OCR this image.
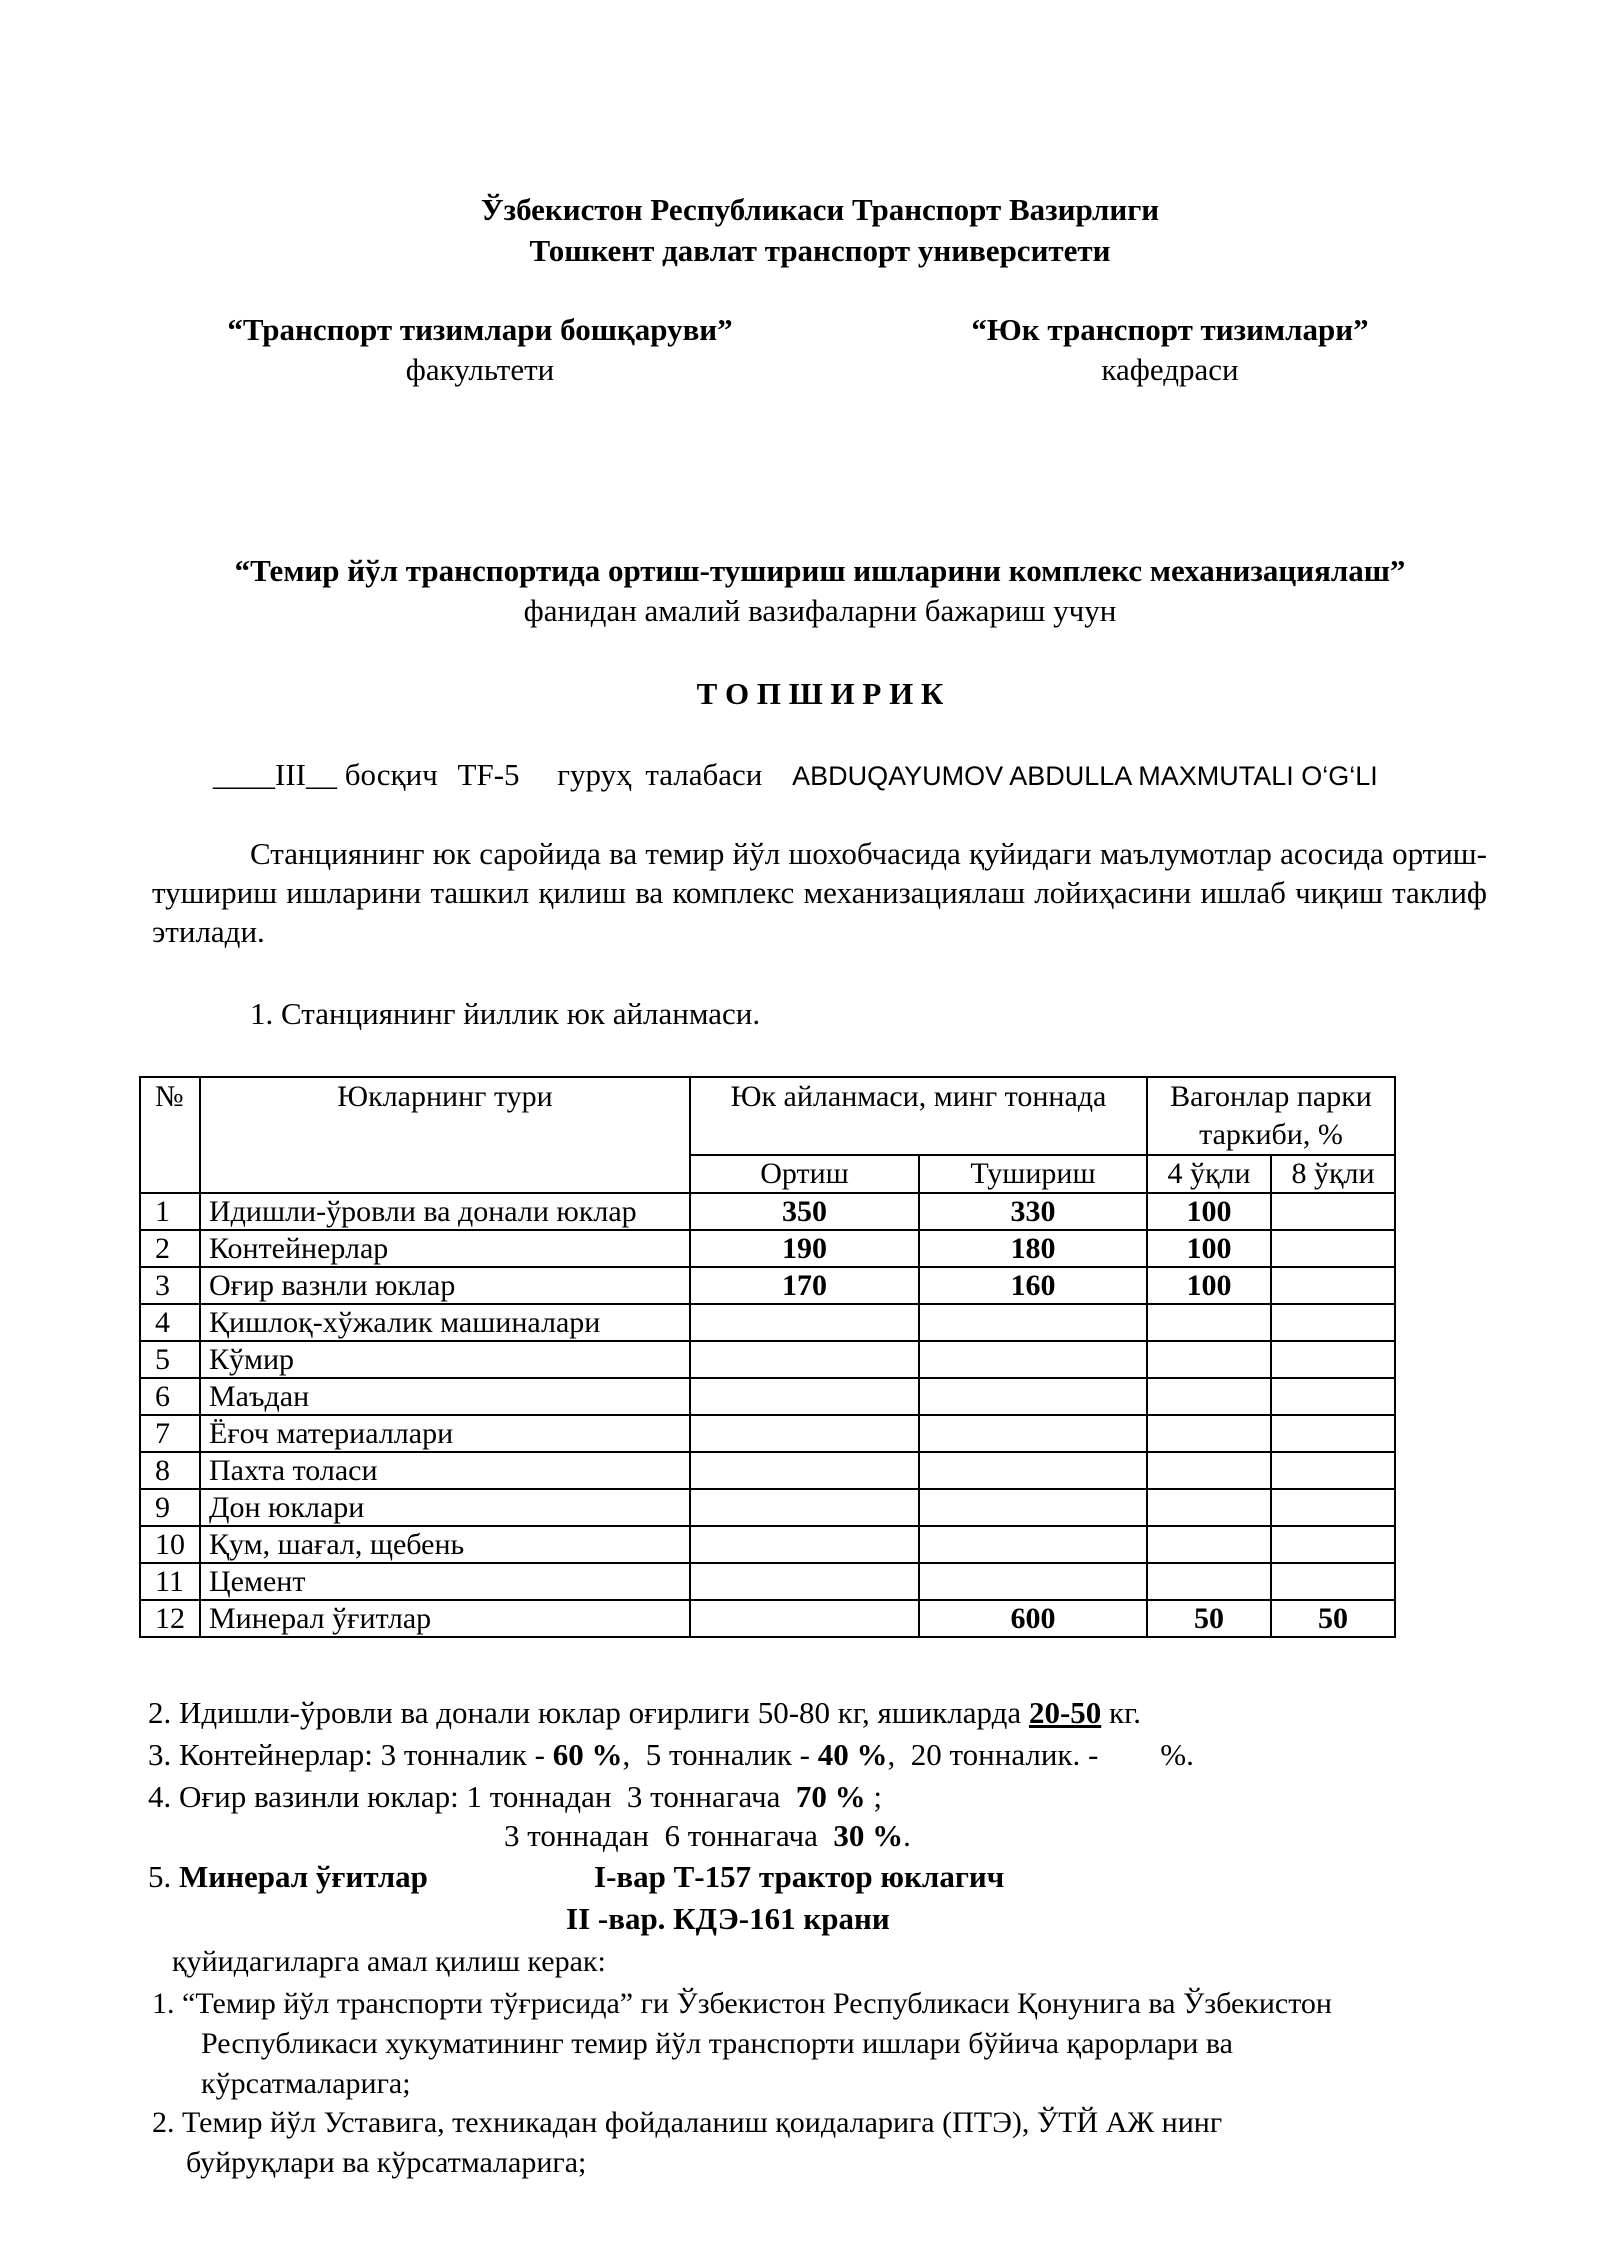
Ўзбекистон Республикаси Транспорт Вазирлиги
Тошкент давлат транспорт университети
“Транспорт тизимлари бошқаруви”
факультети
“Юк транспорт тизимлари”
кафедраси
“Темир йўл транспортида ортиш-тушириш ишларини комплекс механизациялаш”
фанидан амалий вазифаларни бажариш учун
Т О П Ш И Р И К
____III__ босқич TF-5 гуруҳ талабаси ABDUQAYUMOV ABDULLA MAXMUTALI O‘G‘LI
Станциянинг юк саройида ва темир йўл шохобчасида қуйидаги маълумотлар асосида ортиш-тушириш ишларини ташкил қилиш ва комплекс механизациялаш лойиҳасини ишлаб чиқиш таклиф этилади.
1. Станциянинг йиллик юк айланмаси.
№	Юкларнинг тури	Юк айланмаси, минг тоннада		Вагонлар парки таркиби, %	
		Ортиш	Тушириш	4 ўқли	8 ўқли
1	Идишли-ўровли ва донали юклар	350	330	100	
2	Контейнерлар	190	180	100	
3	Оғир вазнли юклар	170	160	100	
4	Қишлоқ-хўжалик машиналари				
5	Кўмир				
6	Маъдан				
7	Ёғоч материаллари				
8	Пахта толаси				
9	Дон юклари				
10	Қум, шағал, щебень				
11	Цемент				
12	Минерал ўғитлар		600	50	50
2. Идишли-ўровли ва донали юклар оғирлиги 50-80 кг, яшикларда 20-50 кг.
3. Контейнерлар: 3 тонналик - 60 %,  5 тонналик - 40 %,  20 тонналик. -        %.
4. Оғир вазинли юклар: 1 тоннадан  3 тоннагача 70 % ;
3 тоннадан  6 тоннагача 30 %.
5. Минерал ўғитлар	I-вар Т-157 трактор юклагич
II -вар. КДЭ-161 крани
қуйидагиларга амал қилиш керак:
1. “Темир йўл транспорти тўғрисида” ги Ўзбекистон Республикаси Қонунига ва Ўзбекистон
Республикаси хукуматининг темир йўл транспорти ишлари бўйича қарорлари ва
кўрсатмаларига;
2. Темир йўл Уставига, техникадан фойдаланиш қоидаларига (ПТЭ), ЎТЙ АЖ нинг
буйруқлари ва кўрсатмаларига;
